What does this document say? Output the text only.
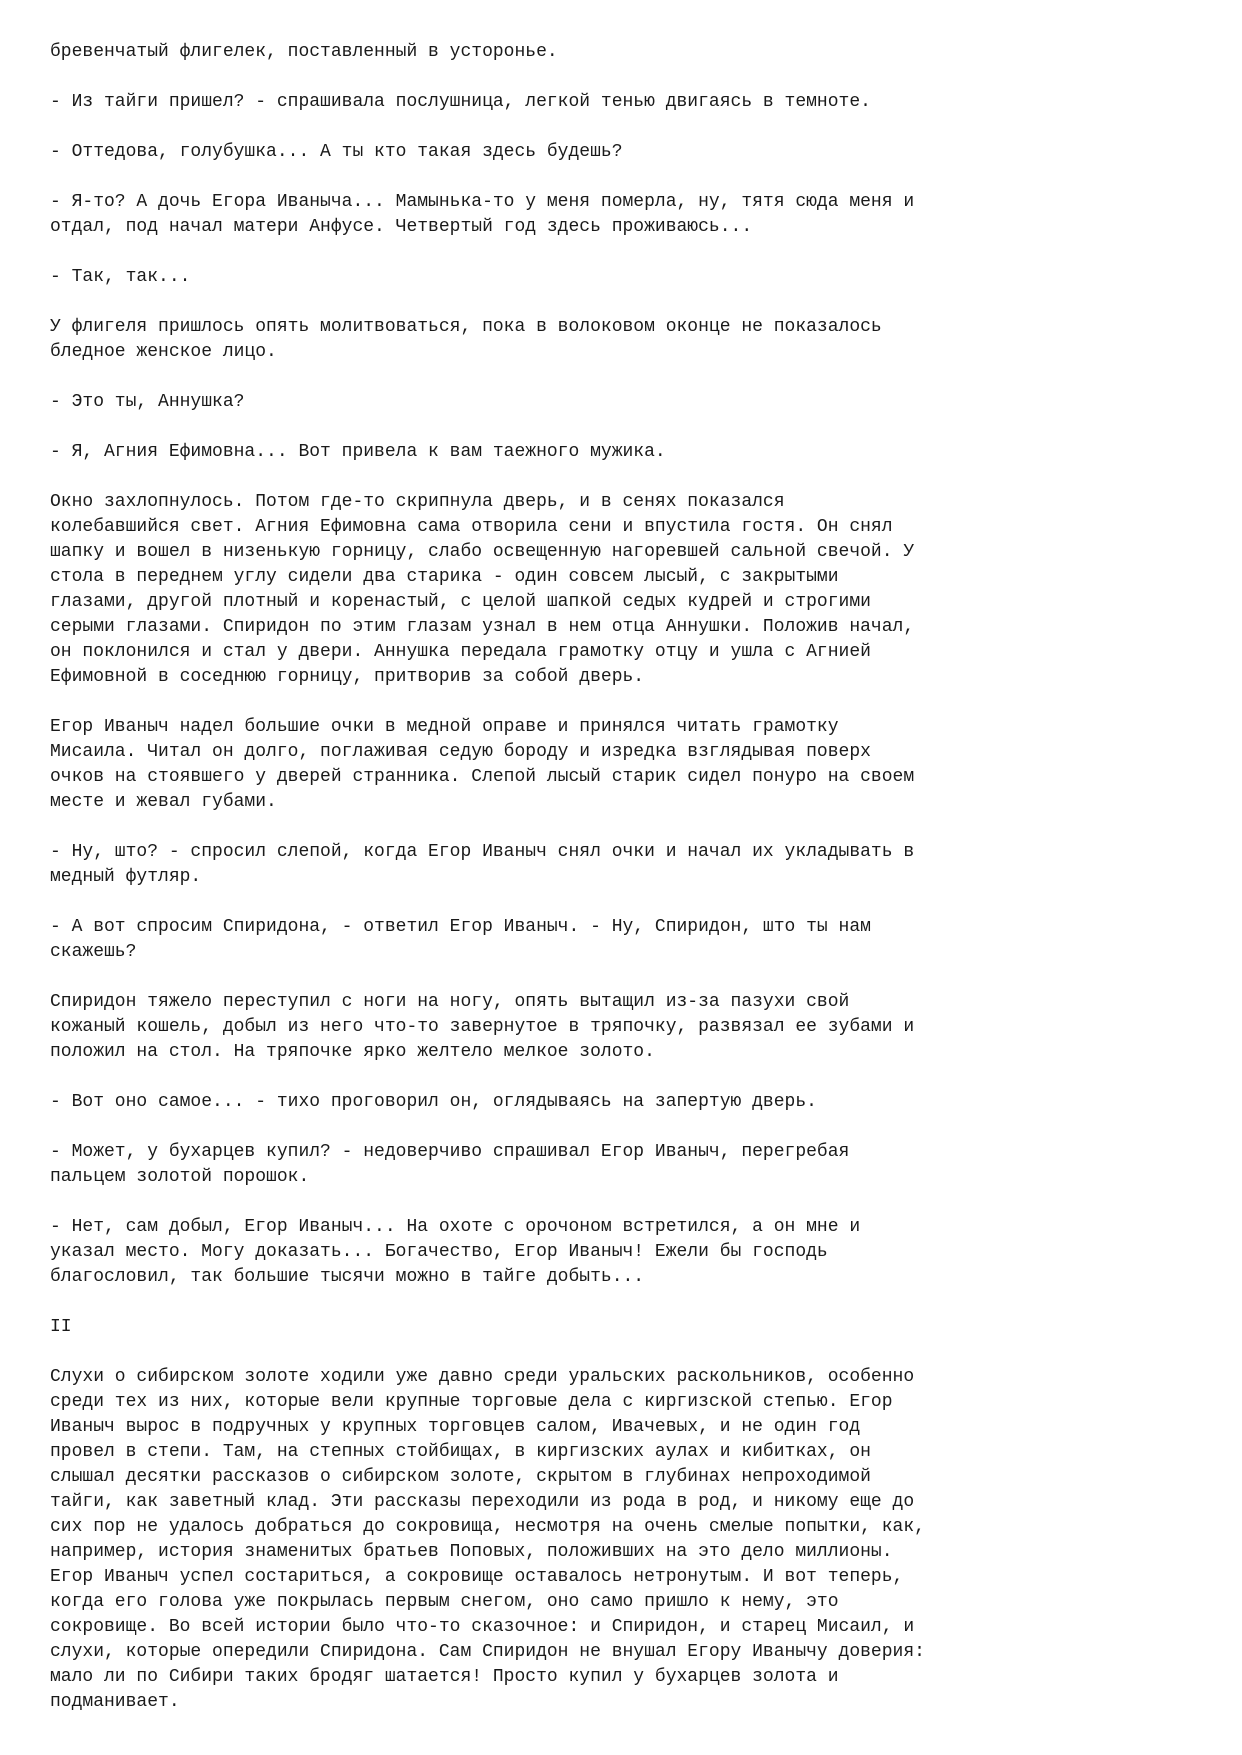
бревенчатый флигелек, поставленный в устороньe.

- Из тайги пришел? - спрашивала послушница, легкой тенью двигаясь в темноте.

- Оттедова, голубушка... А ты кто такая здесь будешь?

- Я-то? А дочь Егора Иваныча... Мамынька-то у меня померла, ну, тятя сюда меня и
отдал, под начал матери Анфусе. Четвертый год здесь проживаюсь...

- Так, так...

У флигеля пришлось опять молитвоваться, пока в волоковом оконце не показалось
бледное женское лицо.

- Это ты, Аннушка?

- Я, Агния Ефимовна... Вот привела к вам таежного мужика.

Окно захлопнулось. Потом где-то скрипнула дверь, и в сенях показался
колебавшийся свет. Агния Ефимовна сама отворила сени и впустила гостя. Он снял
шапку и вошел в низенькую горницу, слабо освещенную нагоревшей сальной свечой. У
стола в переднем углу сидели два старика - один совсем лысый, с закрытыми
глазами, другой плотный и коренастый, с целой шапкой седых кудрей и строгими
серыми глазами. Спиридон по этим глазам узнал в нем отца Аннушки. Положив начал,
он поклонился и стал у двери. Аннушка передала грамотку отцу и ушла с Агнией
Ефимовной в соседнюю горницу, притворив за собой дверь.

Егор Иваныч надел большие очки в медной оправе и принялся читать грамотку
Мисаила. Читал он долго, поглаживая седую бороду и изредка взглядывая поверх
очков на стоявшего у дверей странника. Слепой лысый старик сидел понуро на своем
месте и жевал губами.

- Ну, што? - спросил слепой, когда Егор Иваныч снял очки и начал их укладывать в
медный футляр.

- А вот спросим Спиридона, - ответил Егор Иваныч. - Ну, Спиридон, што ты нам
скажешь?

Спиридон тяжело переступил с ноги на ногу, опять вытащил из-за пазухи свой
кожаный кошель, добыл из него что-то завернутое в тряпочку, развязал ее зубами и
положил на стол. На тряпочке ярко желтело мелкое золото.

- Вот оно самое... - тихо проговорил он, оглядываясь на запертую дверь.

- Может, у бухарцев купил? - недоверчиво спрашивал Егор Иваныч, перегребая
пальцем золотой порошок.

- Нет, сам добыл, Егор Иваныч... На охоте с орочоном встретился, а он мне и
указал место. Могу доказать... Богачество, Егор Иваныч! Ежели бы господь
благословил, так большие тысячи можно в тайге добыть...

II

Слухи о сибирском золоте ходили уже давно среди уральских раскольников, особенно
среди тех из них, которые вели крупные торговые дела с киргизской степью. Егор
Иваныч вырос в подручных у крупных торговцев салом, Ивачевых, и не один год
провел в степи. Там, на степных стойбищах, в киргизских аулах и кибитках, он
слышал десятки рассказов о сибирском золоте, скрытом в глубинах непроходимой
тайги, как заветный клад. Эти рассказы переходили из рода в род, и никому еще до
сих пор не удалось добраться до сокровища, несмотря на очень смелые попытки, как,
например, история знаменитых братьев Поповых, положивших на это дело миллионы.
Егор Иваныч успел состариться, а сокровище оставалось нетронутым. И вот теперь,
когда его голова уже покрылась первым снегом, оно само пришло к нему, это
сокровище. Во всей истории было что-то сказочное: и Спиридон, и старец Мисаил, и
слухи, которые опередили Спиридона. Сам Спиридон не внушал Егору Иванычу доверия:
мало ли по Сибири таких бродяг шатается! Просто купил у бухарцев золота и
подманивает.
